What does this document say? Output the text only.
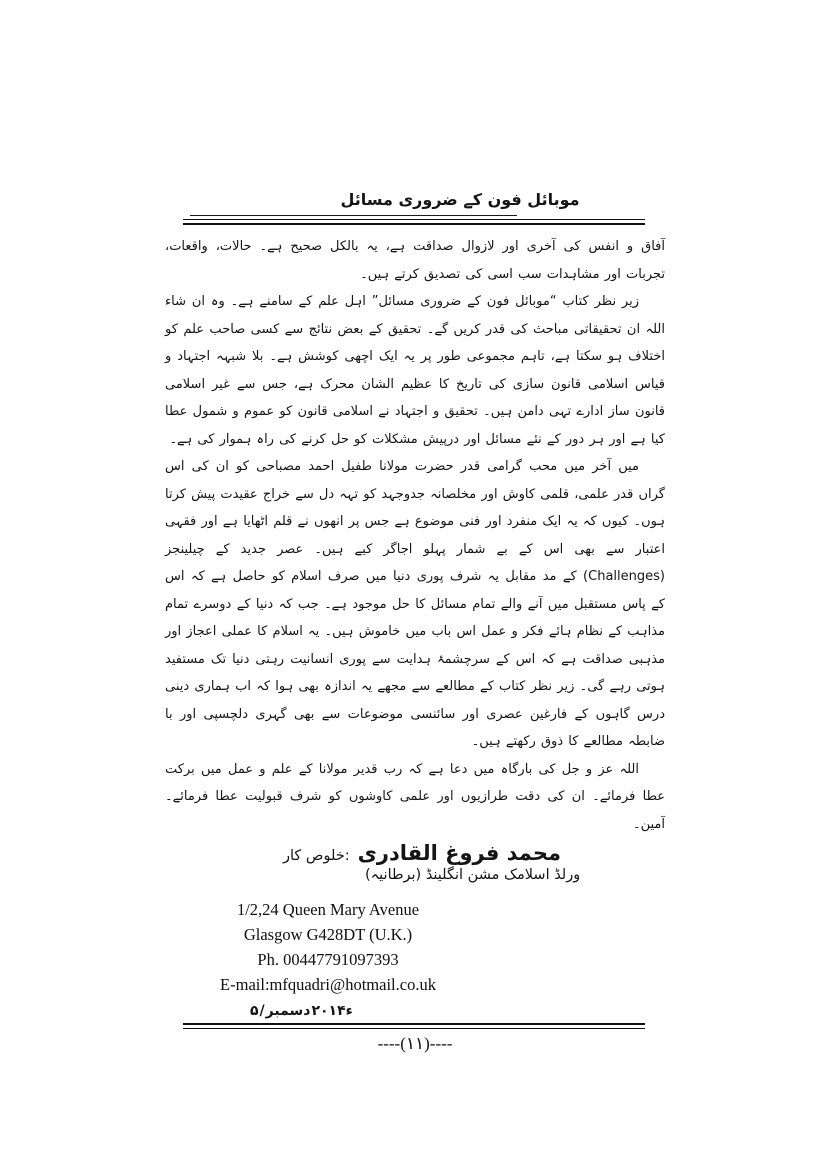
موبائل فون کے ضروری مسائل

آفاق و انفس کی آخری اور لازوال صداقت ہے، یہ بالکل صحیح ہے۔ حالات، واقعات، تجربات اور مشاہدات سب اسی کی تصدیق کرتے ہیں۔

زیر نظر کتاب “موبائل فون کے ضروری مسائل” اہل علم کے سامنے ہے۔ وہ ان شاء اللہ ان تحقیقاتی مباحث کی قدر کریں گے۔ تحقیق کے بعض نتائج سے کسی صاحب علم کو اختلاف ہو سکتا ہے، تاہم مجموعی طور پر یہ ایک اچھی کوشش ہے۔ بلا شبہہ اجتہاد و قیاس اسلامی قانون سازی کی تاریخ کا عظیم الشان محرک ہے، جس سے غیر اسلامی قانون ساز ادارے تہی دامن ہیں۔ تحقیق و اجتہاد نے اسلامی قانون کو عموم و شمول عطا کیا ہے اور ہر دور کے نئے مسائل اور درپیش مشکلات کو حل کرنے کی راہ ہموار کی ہے۔

میں آخر میں محب گرامی قدر حضرت مولانا طفیل احمد مصباحی کو ان کی اس گراں قدر علمی، قلمی کاوش اور مخلصانہ جدوجہد کو تہہ دل سے خراج عقیدت پیش کرتا ہوں۔ کیوں کہ یہ ایک منفرد اور فنی موضوع ہے جس پر انھوں نے قلم اٹھایا ہے اور فقہی اعتبار سے بھی اس کے بے شمار پہلو اجاگر کیے ہیں۔ عصر جدید کے چیلینجز (Challenges) کے مد مقابل یہ شرف پوری دنیا میں صرف اسلام کو حاصل ہے کہ اس کے پاس مستقبل میں آنے والے تمام مسائل کا حل موجود ہے۔ جب کہ دنیا کے دوسرے تمام مذاہب کے نظام ہائے فکر و عمل اس باب میں خاموش ہیں۔ یہ اسلام کا عملی اعجاز اور مذہبی صداقت ہے کہ اس کے سرچشمۂ ہدایت سے پوری انسانیت رہتی دنیا تک مستفید ہوتی رہے گی۔ زیر نظر کتاب کے مطالعے سے مجھے یہ اندازہ بھی ہوا کہ اب ہماری دینی درس گاہوں کے فارغین عصری اور سائنسی موضوعات سے بھی گہری دلچسپی اور با ضابطہ مطالعے کا ذوق رکھتے ہیں۔

اللہ عز و جل کی بارگاہ میں دعا ہے کہ رب قدیر مولانا کے علم و عمل میں برکت عطا فرمائے۔ ان کی دقت طرازیوں اور علمی کاوشوں کو شرف قبولیت عطا فرمائے۔ آمین۔

خلوص کار: محمد فروغ القادری
ورلڈ اسلامک مشن انگلینڈ (برطانیہ)
1/2,24 Queen Mary Avenue
Glasgow G428DT (U.K.)
Ph. 00447791097393
E-mail:mfquadri@hotmail.co.uk
۵ / دسمبر ۲۰۱۴ء
----(۱۱)----
